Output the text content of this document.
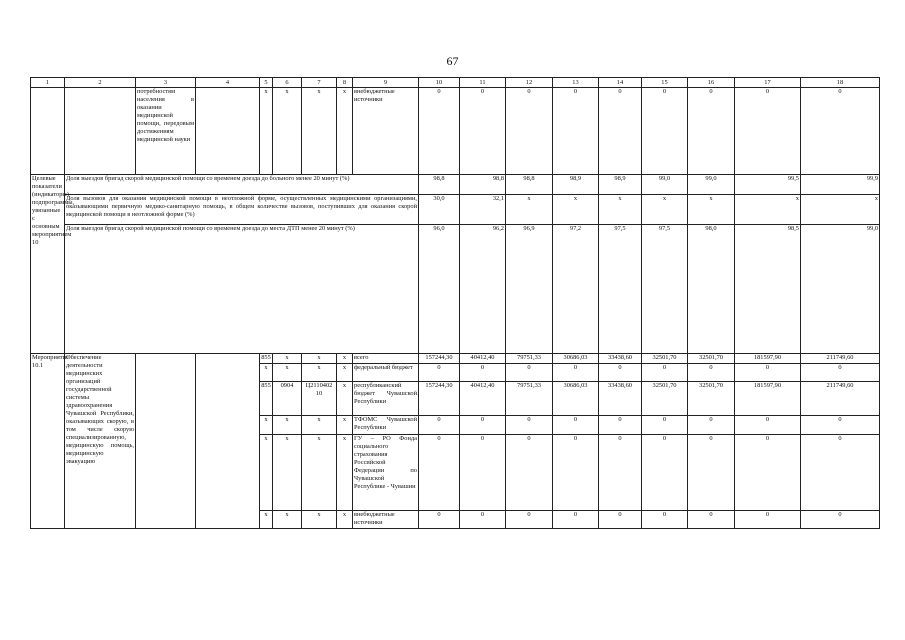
67
1	2	3	4	5	6	7	8	9	10	11	12	13	14	15	16	17	18
		потребностям населения в оказании медицинской помощи, передовым достижениям медицинской науки		x	x	x	x	внебюджетные источники	0	0	0	0	0	0	0	0	0
Целевые показатели (индикаторы) подпрограммы, увязанные с основным мероприятием 10	Доля выездов бригад скорой медицинской помощи со временем доезда до больного менее 20 минут (%)								98,8	98,8	98,8	98,9	98,9	99,0	99,0	99,5	99,9
	Доля вызовов для оказания медицинской помощи в неотложной форме, осуществленных медицинскими организациями, оказывающими первичную медико-санитарную помощь, в общем количестве вызовов, поступивших для оказания скорой медицинской помощи в неотложной форме (%)								30,0	32,1	x	x	x	x	x	x	x
	Доля выездов бригад скорой медицинской помощи со временем доезда до места ДТП менее 20 минут (%)								96,0	96,2	96,9	97,2	97,5	97,5	98,0	98,5	99,0
Мероприятие 10.1	Обеспечение деятельности медицинских организаций государственной системы здравоохранения Чувашской Республики, оказывающих скорую, в том числе скорую специализированную, медицинскую помощь, медицинскую эвакуацию			855	x	x	x	всего	157244,30	40412,40	79751,33	30686,03	33438,60	32501,70	32501,70	181597,90	211749,60
				x	x	x	x	федеральный бюджет	0	0	0	0	0	0	0	0	0
				855	0904	Ц2110402 10	x	республиканский бюджет Чувашской Республики	157244,30	40412,40	79751,33	30686,03	33438,60	32501,70	32501,70	181597,90	211749,60
				x	x	x	x	ТФОМС Чувашской Республики	0	0	0	0	0	0	0	0	0
				x	x	x	x	ГУ – РО Фонда социального страхования Российской Федерации по Чувашской Республике - Чувашии	0	0	0	0	0	0	0	0	0
				x	x	x	x	внебюджетные источники	0	0	0	0	0	0	0	0	0
